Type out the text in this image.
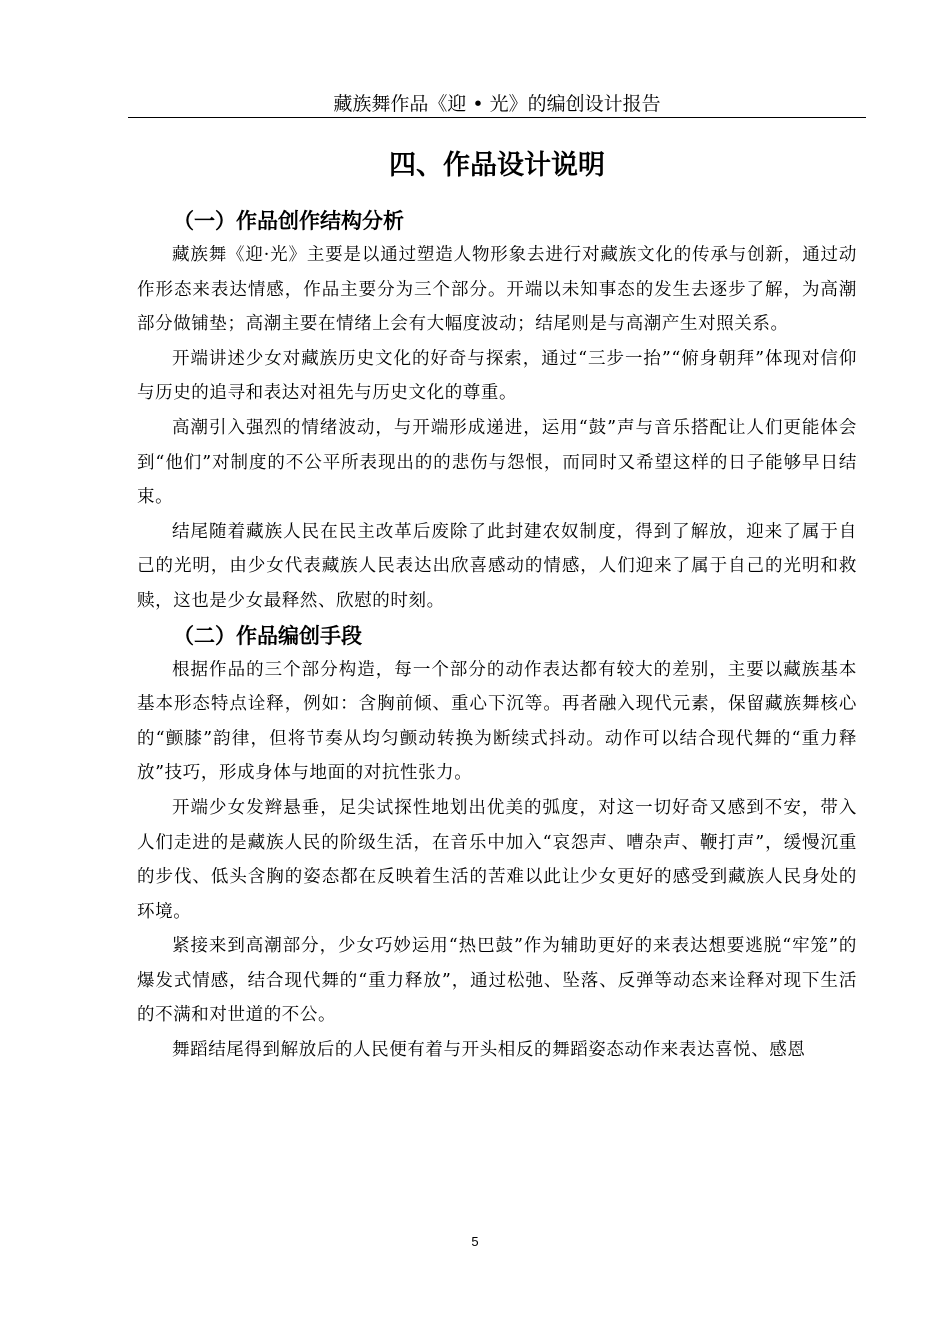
藏族舞作品《迎 • 光》的编创设计报告
四、作品设计说明
（一）作品创作结构分析

藏族舞《迎·光》主要是以通过塑造人物形象去进行对藏族文化的传承与创新，通过动作形态来表达情感，作品主要分为三个部分。开端以未知事态的发生去逐步了解，为高潮部分做铺垫；高潮主要在情绪上会有大幅度波动；结尾则是与高潮产生对照关系。

开端讲述少女对藏族历史文化的好奇与探索，通过“三步一抬”“俯身朝拜”体现对信仰与历史的追寻和表达对祖先与历史文化的尊重。

高潮引入强烈的情绪波动，与开端形成递进，运用“鼓”声与音乐搭配让人们更能体会到“他们”对制度的不公平所表现出的的悲伤与怨恨，而同时又希望这样的日子能够早日结束。

结尾随着藏族人民在民主改革后废除了此封建农奴制度，得到了解放，迎来了属于自己的光明，由少女代表藏族人民表达出欣喜感动的情感，人们迎来了属于自己的光明和救赎，这也是少女最释然、欣慰的时刻。

（二）作品编创手段

根据作品的三个部分构造，每一个部分的动作表达都有较大的差别，主要以藏族基本基本形态特点诠释，例如：含胸前倾、重心下沉等。再者融入现代元素，保留藏族舞核心的“颤膝”韵律，但将节奏从均匀颤动转换为断续式抖动。动作可以结合现代舞的“重力释放”技巧，形成身体与地面的对抗性张力。

开端少女发辫悬垂，足尖试探性地划出优美的弧度，对这一切好奇又感到不安，带入人们走进的是藏族人民的阶级生活，在音乐中加入“哀怨声、嘈杂声、鞭打声”，缓慢沉重的步伐、低头含胸的姿态都在反映着生活的苦难以此让少女更好的感受到藏族人民身处的环境。

紧接来到高潮部分，少女巧妙运用“热巴鼓”作为辅助更好的来表达想要逃脱“牢笼”的爆发式情感，结合现代舞的“重力释放”，通过松弛、坠落、反弹等动态来诠释对现下生活的不满和对世道的不公。

舞蹈结尾得到解放后的人民便有着与开头相反的舞蹈姿态动作来表达喜悦、感恩

5
